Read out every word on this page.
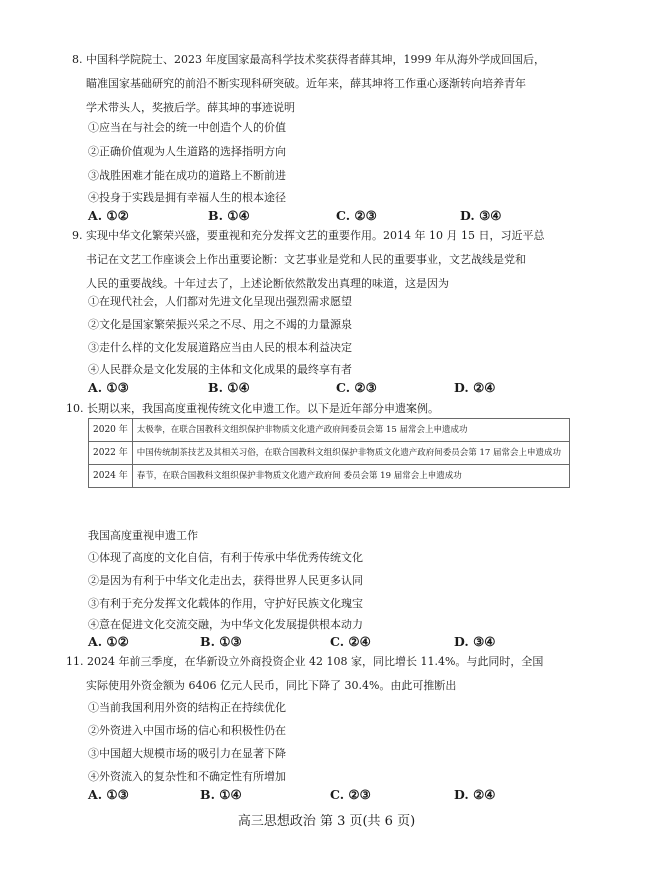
8. 中国科学院院士、2023 年度国家最高科学技术奖获得者薛其坤，1999 年从海外学成回国后，
瞄准国家基础研究的前沿不断实现科研突破。近年来，薛其坤将工作重心逐渐转向培养青年
学术带头人，奖掖后学。薛其坤的事迹说明
①应当在与社会的统一中创造个人的价值
②正确价值观为人生道路的选择指明方向
③战胜困难才能在成功的道路上不断前进
④投身于实践是拥有幸福人生的根本途径
A. ①②	B. ①④	C. ②③	D. ③④
9. 实现中华文化繁荣兴盛，要重视和充分发挥文艺的重要作用。2014 年 10 月 15 日，习近平总
书记在文艺工作座谈会上作出重要论断：文艺事业是党和人民的重要事业，文艺战线是党和
人民的重要战线。十年过去了，上述论断依然散发出真理的味道，这是因为
①在现代社会，人们都对先进文化呈现出强烈需求愿望
②文化是国家繁荣振兴采之不尽、用之不竭的力量源泉
③走什么样的文化发展道路应当由人民的根本利益决定
④人民群众是文化发展的主体和文化成果的最终享有者
A. ①③	B. ①④	C. ②③	D. ②④
10. 长期以来，我国高度重视传统文化申遗工作。以下是近年部分申遗案例。
2020 年	太极拳，在联合国教科文组织保护非物质文化遗产政府间委员会第 15 届常会上申遗成功
2022 年	中国传统制茶技艺及其相关习俗，在联合国教科文组织保护非物质文化遗产政府间委员会第 17 届常会上申遗成功
2024 年	春节，在联合国教科文组织保护非物质文化遗产政府间 委员会第 19 届常会上申遗成功
我国高度重视申遗工作
①体现了高度的文化自信，有利于传承中华优秀传统文化
②是因为有利于中华文化走出去，获得世界人民更多认同
③有利于充分发挥文化载体的作用，守护好民族文化瑰宝
④意在促进文化交流交融，为中华文化发展提供根本动力
A. ①②	B. ①③	C. ②④	D. ③④
11. 2024 年前三季度，在华新设立外商投资企业 42 108 家，同比增长 11.4%。与此同时，全国
实际使用外资金额为 6406 亿元人民币，同比下降了 30.4%。由此可推断出
①当前我国利用外资的结构正在持续优化
②外资进入中国市场的信心和积极性仍在
③中国超大规模市场的吸引力在显著下降
④外资流入的复杂性和不确定性有所增加
A. ①③	B. ①④	C. ②③	D. ②④
高三思想政治 第 3 页(共 6 页)
